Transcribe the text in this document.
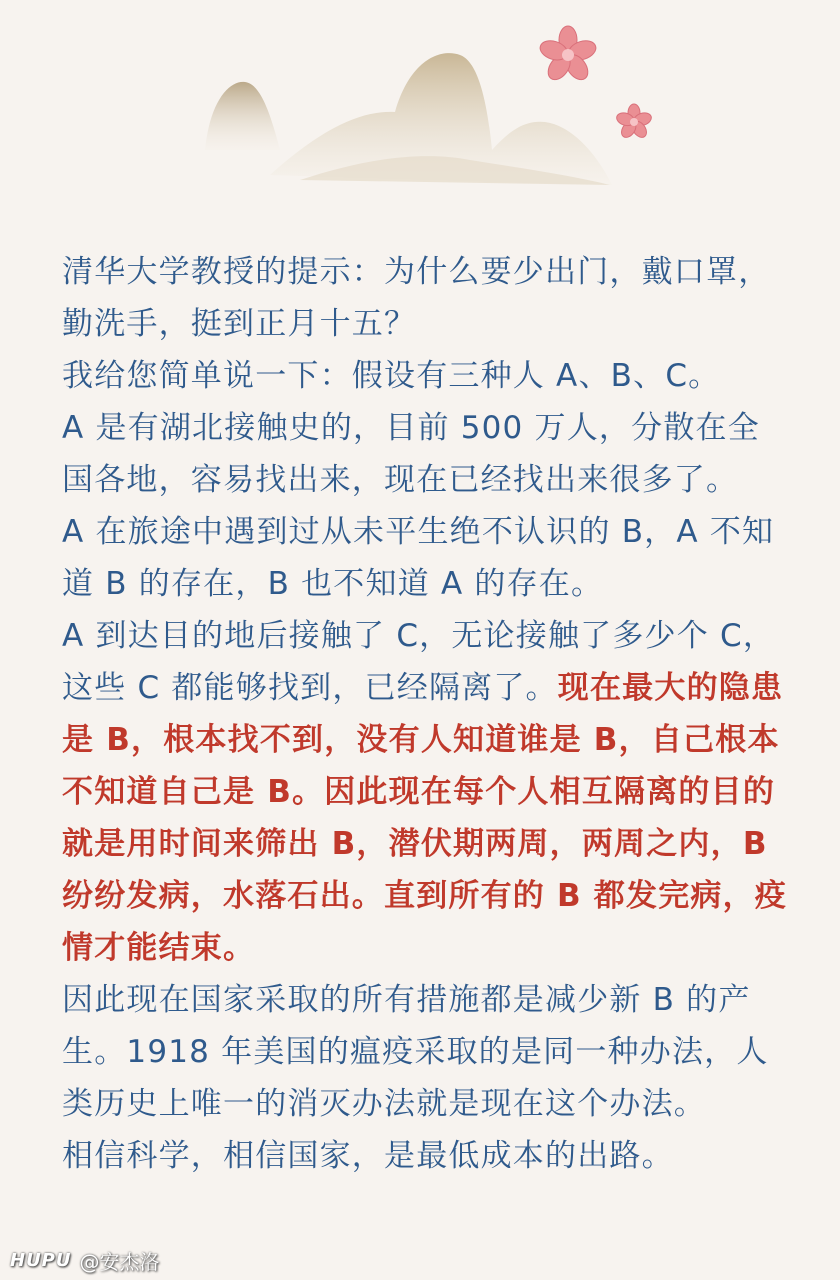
清华大学教授的提示：为什么要少出门，戴口罩，勤洗手，挺到正月十五？

我给您简单说一下：假设有三种人 A、B、C。

A 是有湖北接触史的，目前 500 万人，分散在全国各地，容易找出来，现在已经找出来很多了。

A 在旅途中遇到过从未平生绝不认识的 B，A 不知道 B 的存在，B 也不知道 A 的存在。

A 到达目的地后接触了 C，无论接触了多少个 C，这些 C 都能够找到，已经隔离了。现在最大的隐患是 B，根本找不到，没有人知道谁是 B，自己根本不知道自己是 B。因此现在每个人相互隔离的目的就是用时间来筛出 B，潜伏期两周，两周之内，B 纷纷发病，水落石出。直到所有的 B 都发完病，疫情才能结束。

因此现在国家采取的所有措施都是减少新 B 的产生。1918 年美国的瘟疫采取的是同一种办法，人类历史上唯一的消灭办法就是现在这个办法。

相信科学，相信国家，是最低成本的出路。

HUPU @安杰洛
